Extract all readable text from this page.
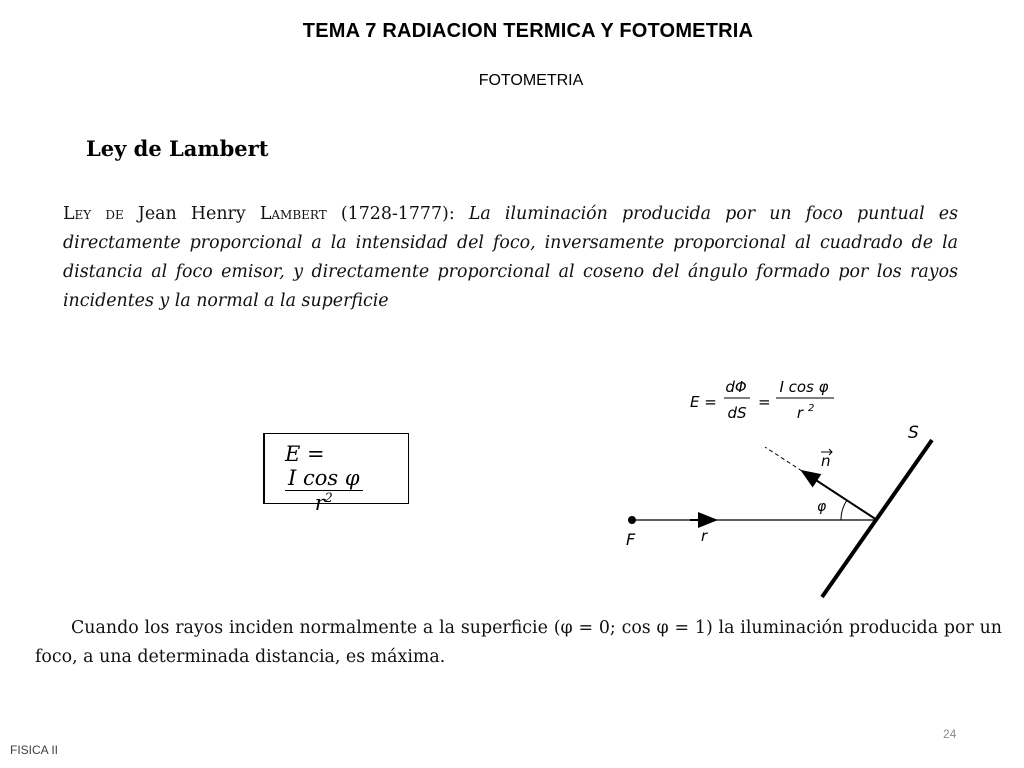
TEMA 7 RADIACION TERMICA Y FOTOMETRIA
FOTOMETRIA
Ley de Lambert
Ley de Jean Henry Lambert (1728-1777): La iluminación producida por un foco puntual es directamente proporcional a la intensidad del foco, inversamente proporcional al cuadrado de la distancia al foco emisor, y directamente proporcional al coseno del ángulo formado por los rayos incidentes y la normal a la superficie
E =
$\frac{\text{I cos φ}}{r^2}$
E =
dΦ
dS
=
I cos φ
r 2
S
F	r
n
φ
Cuando los rayos inciden normalmente a la superficie (φ = 0; cos φ = 1) la iluminación producida por un foco, a una determinada distancia, es máxima.
24
FISICA II
